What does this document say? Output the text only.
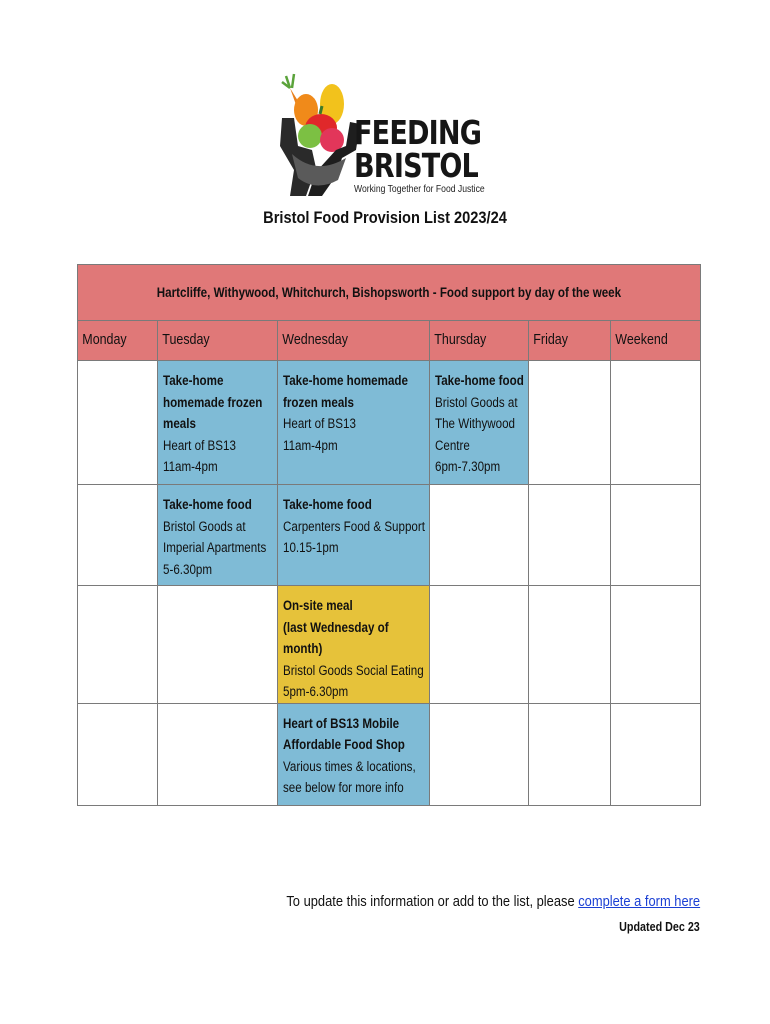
FEEDING
BRISTOL
Working Together for Food Justice
Bristol Food Provision List 2023/24
Hartcliffe, Withywood, Whitchurch, Bishopsworth - Food support by day of the week					

Monday	Tuesday	Wednesday	Thursday	Friday	Weekend

	Take-home
homemade frozen
meals
Heart of BS13
11am-4pm	Take-home homemade
frozen meals
Heart of BS13
11am-4pm	Take-home food
Bristol Goods at
The Withywood
Centre
6pm-7.30pm		

	Take-home food
Bristol Goods at
Imperial Apartments
5-6.30pm	Take-home food
Carpenters Food & Support
10.15-1pm			

		On-site meal
(last Wednesday of month)
Bristol Goods Social Eating
5pm-6.30pm			

		Heart of BS13 Mobile
Affordable Food Shop
Various times & locations,
see below for more info			

To update this information or add to the list, please complete a form here
Updated Dec 23
